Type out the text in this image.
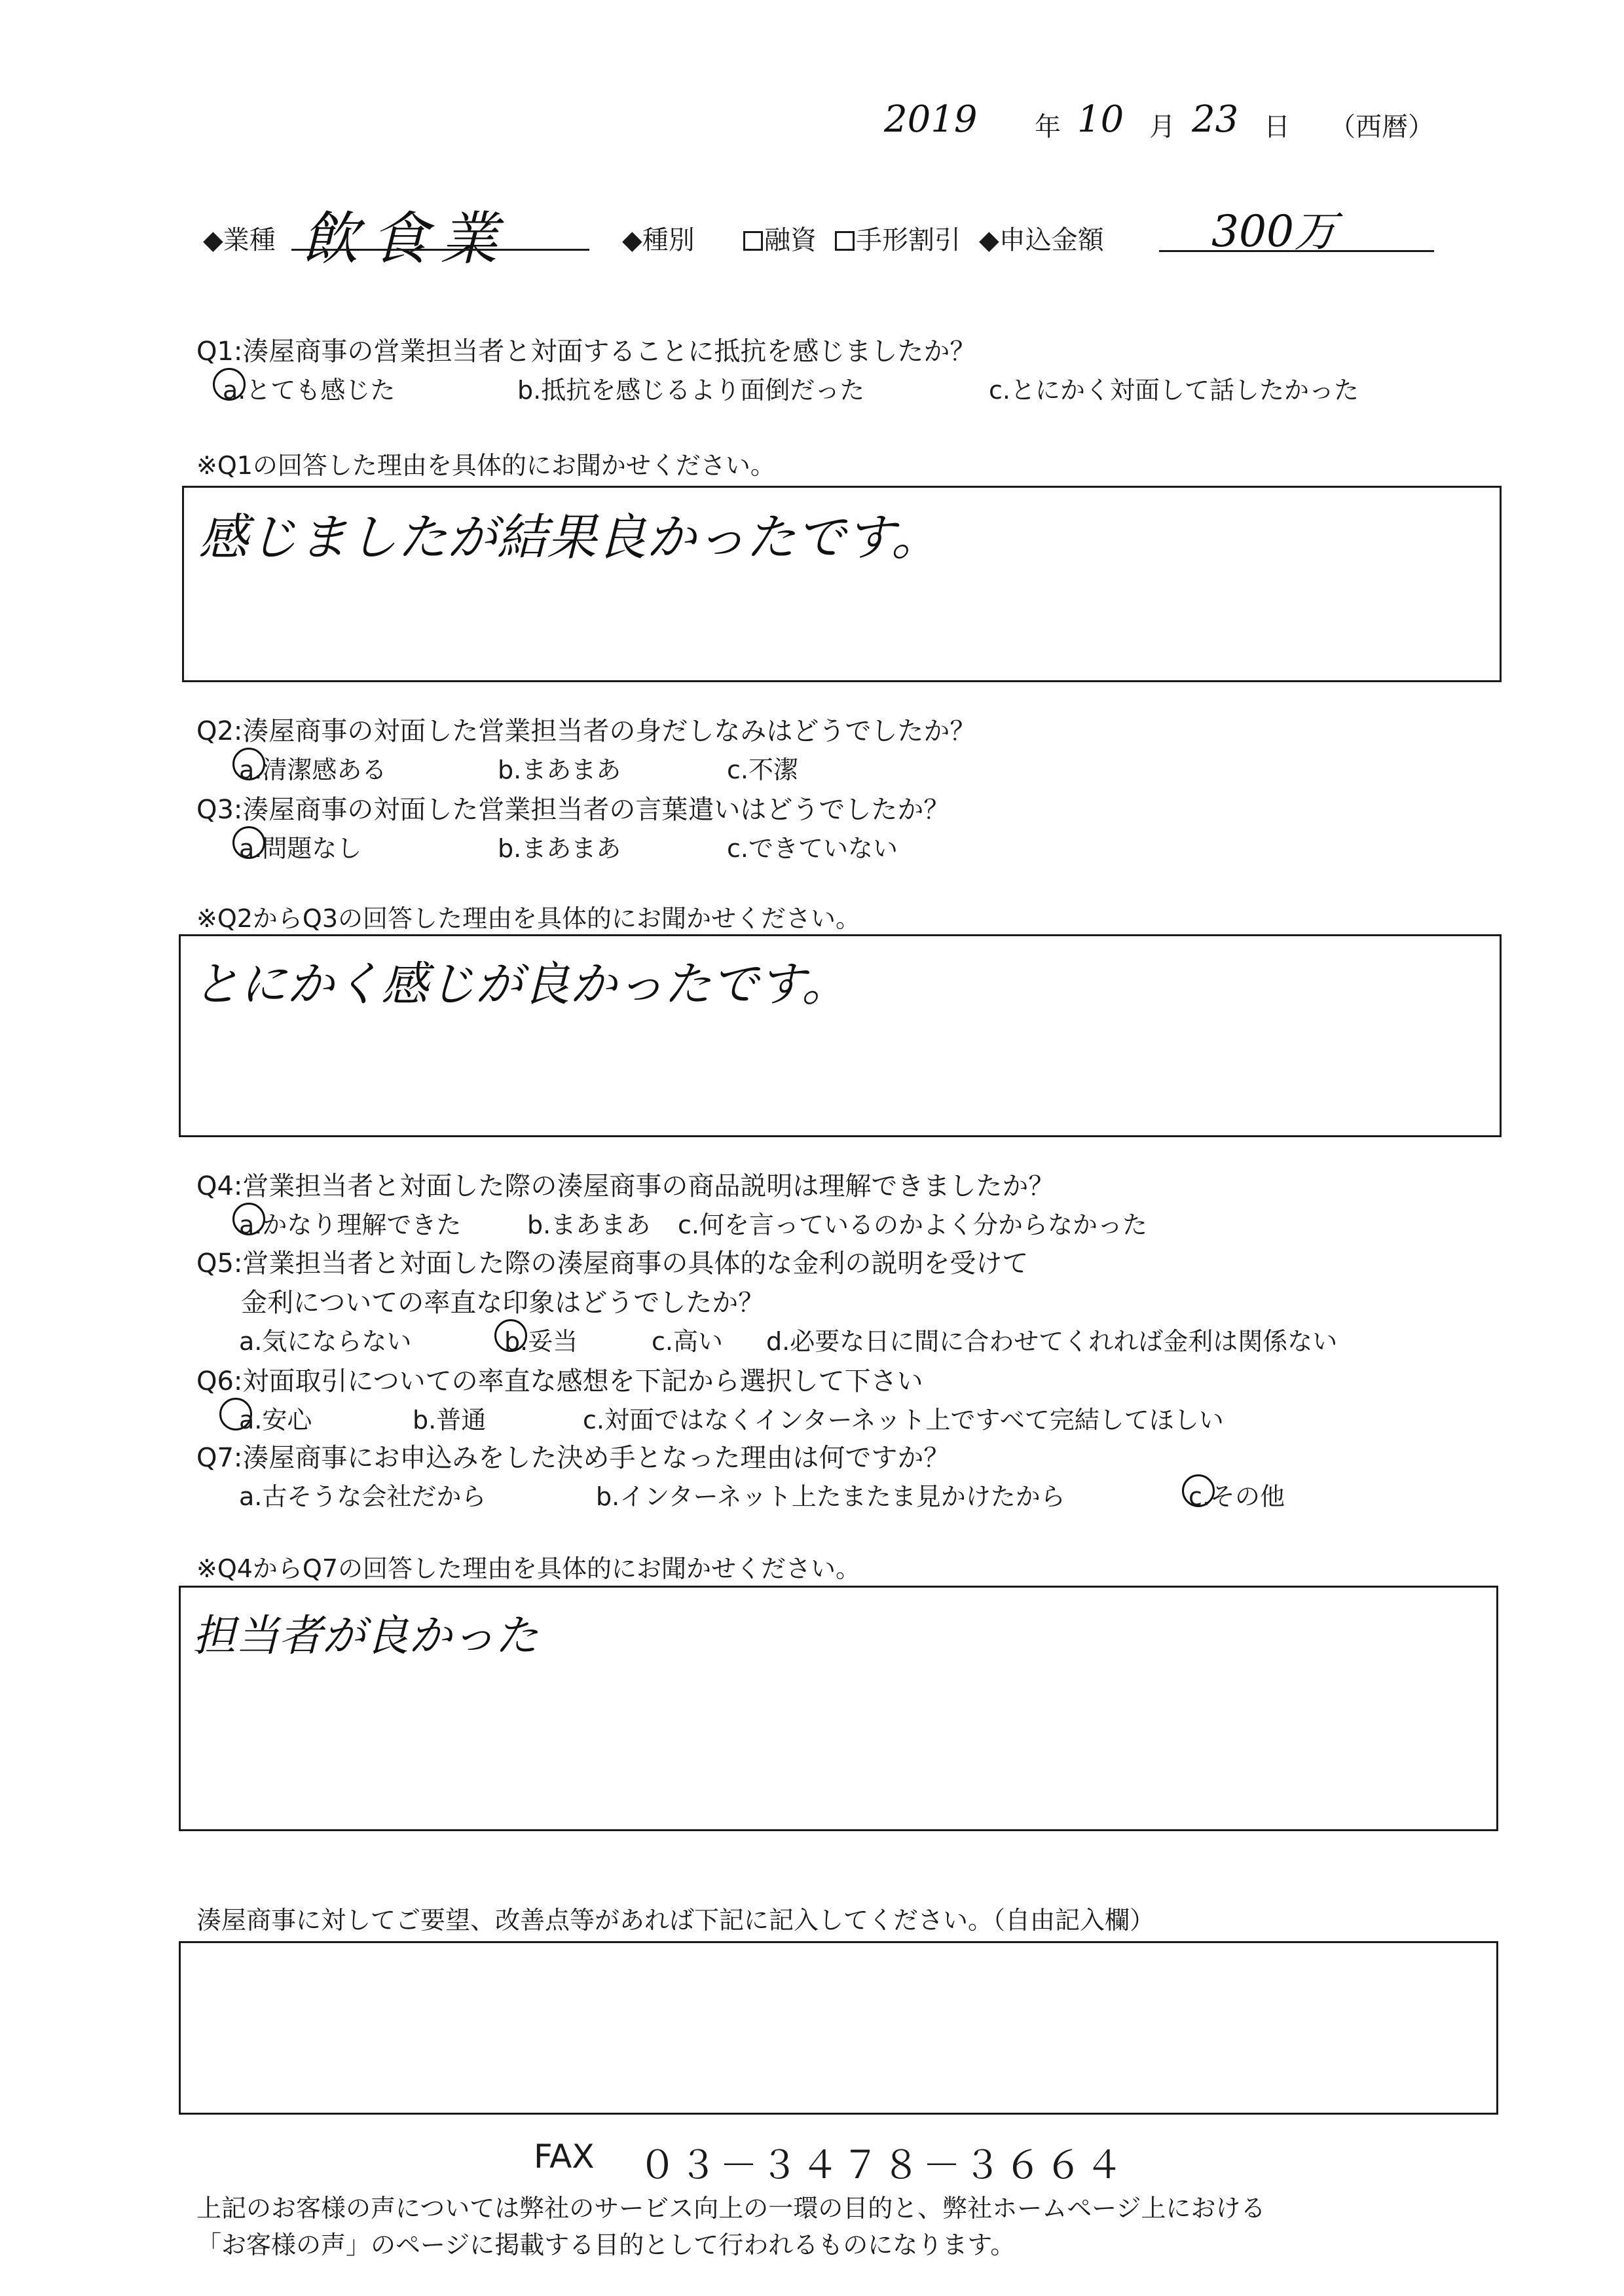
2019 年 10 月 23 日 （西暦）
◆業種 飲食業	◆種別	融資	手形割引 ◆申込金額 300万
Q1:湊屋商事の営業担当者と対面することに抵抗を感じましたか？
a.とても感じた	b.抵抗を感じるより面倒だった	c.とにかく対面して話したかった
※Q1の回答した理由を具体的にお聞かせください。
感じましたが結果良かったです。
Q2:湊屋商事の対面した営業担当者の身だしなみはどうでしたか？
a.清潔感ある	b.まあまあ	c.不潔
Q3:湊屋商事の対面した営業担当者の言葉遣いはどうでしたか？
a.問題なし	b.まあまあ	c.できていない
※Q2からQ3の回答した理由を具体的にお聞かせください。
とにかく感じが良かったです。
Q4:営業担当者と対面した際の湊屋商事の商品説明は理解できましたか？
a.かなり理解できた	b.まあまあ c.何を言っているのかよく分からなかった
Q5:営業担当者と対面した際の湊屋商事の具体的な金利の説明を受けて
金利についての率直な印象はどうでしたか？
a.気にならない	b.妥当	c.高い d.必要な日に間に合わせてくれれば金利は関係ない
Q6:対面取引についての率直な感想を下記から選択して下さい
a.安心	b.普通	c.対面ではなくインターネット上ですべて完結してほしい
Q7:湊屋商事にお申込みをした決め手となった理由は何ですか？
a.古そうな会社だから	b.インターネット上たまたま見かけたから	c.その他
※Q4からQ7の回答した理由を具体的にお聞かせください。
担当者が良かった
湊屋商事に対してご要望、改善点等があれば下記に記入してください。（自由記入欄）
FAX ０３－３４７８－３６６４
上記のお客様の声については弊社のサービス向上の一環の目的と、弊社ホームページ上における
「お客様の声」のページに掲載する目的として行われるものになります。
